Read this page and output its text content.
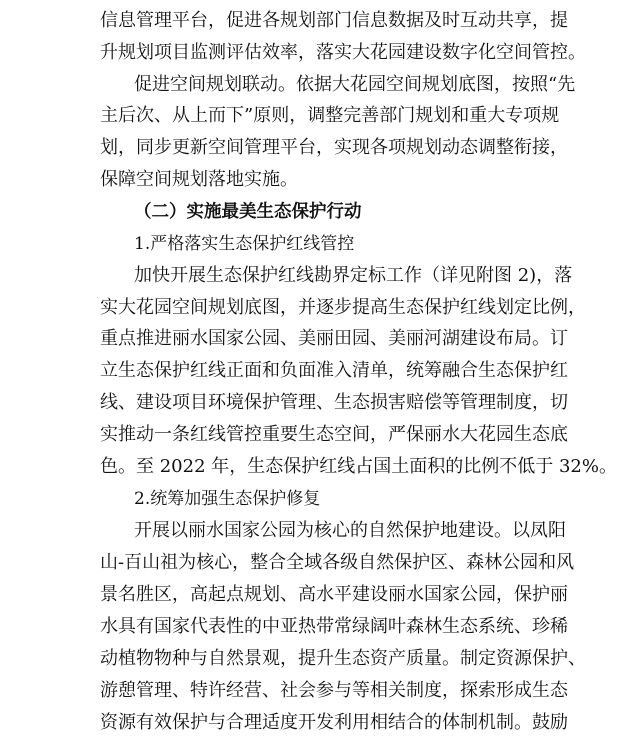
信息管理平台，促进各规划部门信息数据及时互动共享，提
升规划项目监测评估效率，落实大花园建设数字化空间管控。
促进空间规划联动。依据大花园空间规划底图，按照“先
主后次、从上而下”原则，调整完善部门规划和重大专项规
划，同步更新空间管理平台，实现各项规划动态调整衔接，
保障空间规划落地实施。
（二）实施最美生态保护行动
1.严格落实生态保护红线管控
加快开展生态保护红线勘界定标工作（详见附图 2)，落
实大花园空间规划底图，并逐步提高生态保护红线划定比例，
重点推进丽水国家公园、美丽田园、美丽河湖建设布局。订
立生态保护红线正面和负面准入清单，统筹融合生态保护红
线、建设项目环境保护管理、生态损害赔偿等管理制度，切
实推动一条红线管控重要生态空间，严保丽水大花园生态底
色。至 2022 年，生态保护红线占国土面积的比例不低于 32%。
2.统筹加强生态保护修复
开展以丽水国家公园为核心的自然保护地建设。以凤阳
山-百山祖为核心，整合全域各级自然保护区、森林公园和风
景名胜区，高起点规划、高水平建设丽水国家公园，保护丽
水具有国家代表性的中亚热带常绿阔叶森林生态系统、珍稀
动植物物种与自然景观，提升生态资产质量。制定资源保护、
游憩管理、特许经营、社会参与等相关制度，探索形成生态
资源有效保护与合理适度开发利用相结合的体制机制。鼓励
